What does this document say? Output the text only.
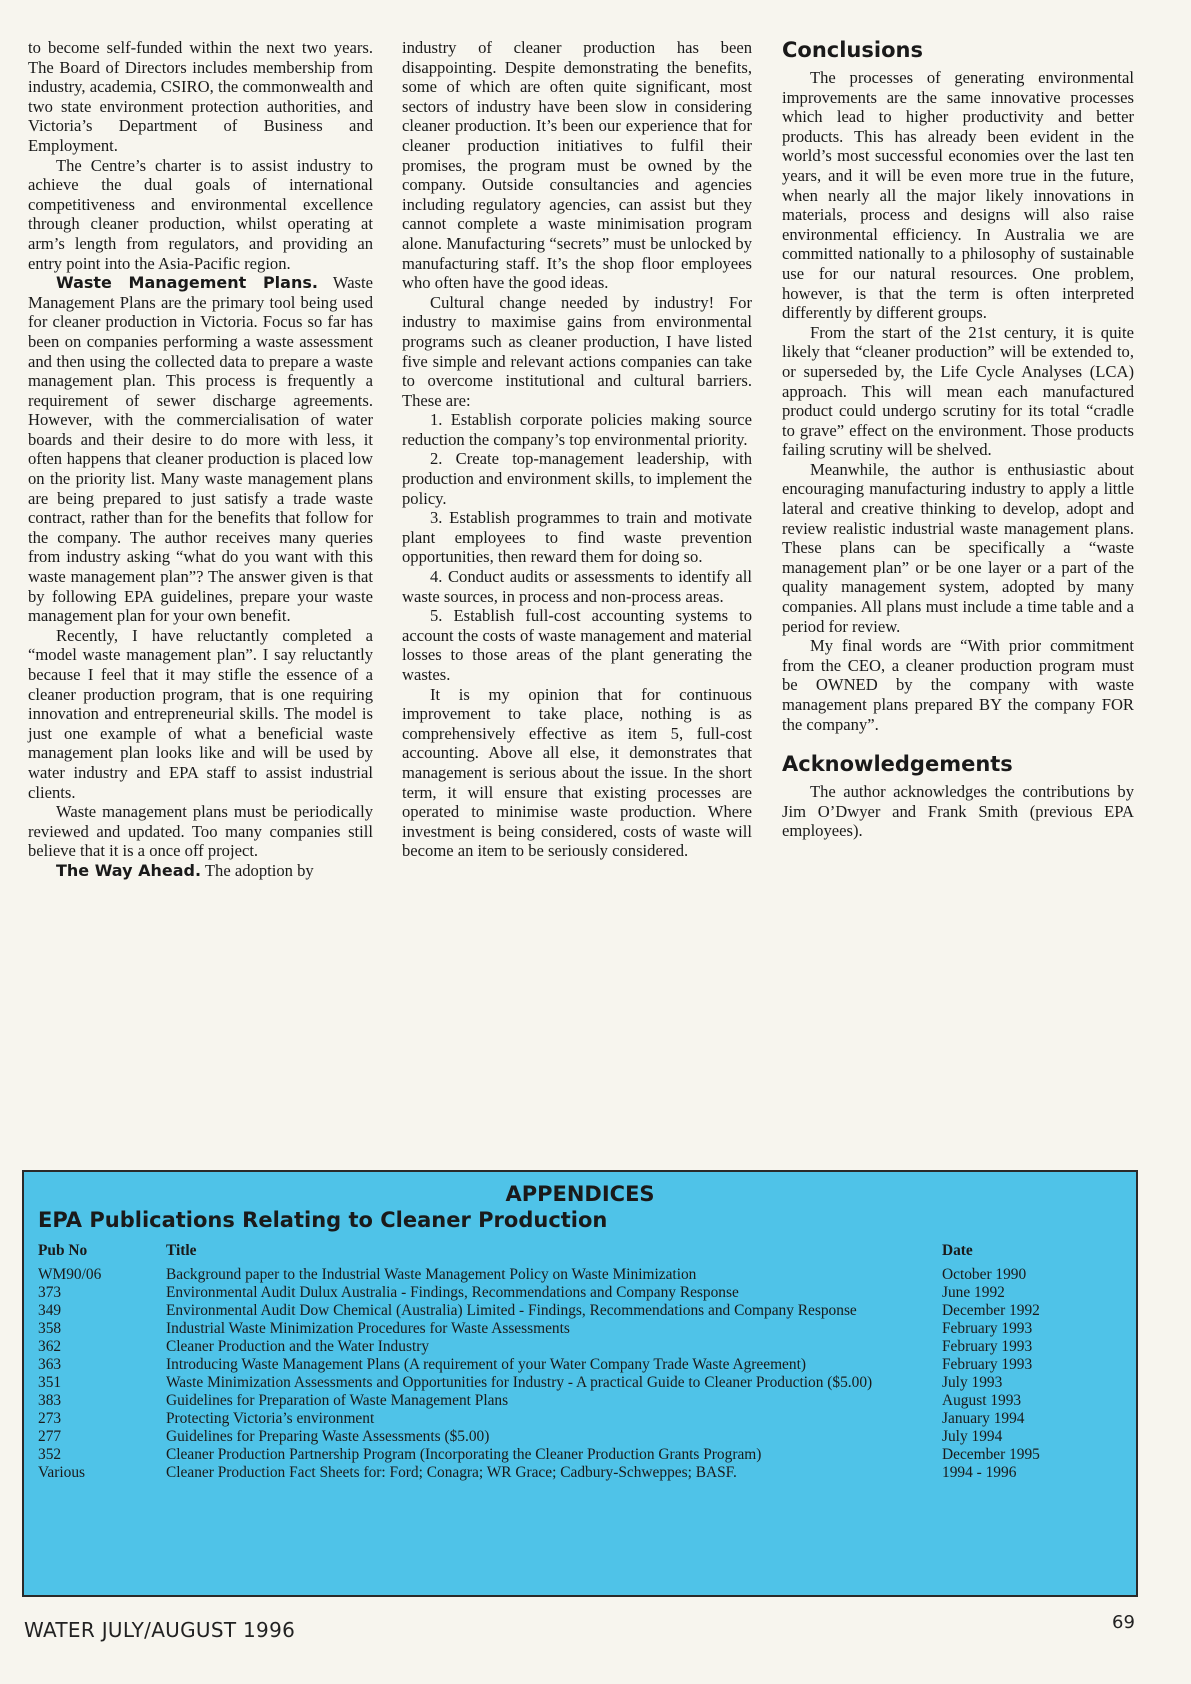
to become self-funded within the next two years. The Board of Directors includes membership from industry, academia, CSIRO, the commonwealth and two state environment protection authorities, and Victoria’s Department of Business and Employment.

The Centre’s charter is to assist industry to achieve the dual goals of international competitiveness and environmental excellence through cleaner production, whilst operating at arm’s length from regulators, and providing an entry point into the Asia-Pacific region.

Waste Management Plans. Waste Management Plans are the primary tool being used for cleaner production in Victoria. Focus so far has been on companies performing a waste assessment and then using the collected data to prepare a waste management plan. This process is frequently a requirement of sewer discharge agreements. However, with the commercialisation of water boards and their desire to do more with less, it often happens that cleaner production is placed low on the priority list. Many waste management plans are being prepared to just satisfy a trade waste contract, rather than for the benefits that follow for the company. The author receives many queries from industry asking “what do you want with this waste management plan”? The answer given is that by following EPA guidelines, prepare your waste management plan for your own benefit.

Recently, I have reluctantly completed a “model waste management plan”. I say reluctantly because I feel that it may stifle the essence of a cleaner production program, that is one requiring innovation and entrepreneurial skills. The model is just one example of what a beneficial waste management plan looks like and will be used by water industry and EPA staff to assist industrial clients.

Waste management plans must be periodically reviewed and updated. Too many companies still believe that it is a once off project.

The Way Ahead. The adoption by

industry of cleaner production has been disappointing. Despite demonstrating the benefits, some of which are often quite significant, most sectors of industry have been slow in considering cleaner production. It’s been our experience that for cleaner production initiatives to fulfil their promises, the program must be owned by the company. Outside consultancies and agencies including regulatory agencies, can assist but they cannot complete a waste minimisation program alone. Manufacturing “secrets” must be unlocked by manufacturing staff. It’s the shop floor employees who often have the good ideas.

Cultural change needed by industry! For industry to maximise gains from environmental programs such as cleaner production, I have listed five simple and relevant actions companies can take to overcome institutional and cultural barriers. These are:

1. Establish corporate policies making source reduction the company’s top environmental priority.

2. Create top-management leadership, with production and environment skills, to implement the policy.

3. Establish programmes to train and motivate plant employees to find waste prevention opportunities, then reward them for doing so.

4. Conduct audits or assessments to identify all waste sources, in process and non-process areas.

5. Establish full-cost accounting systems to account the costs of waste management and material losses to those areas of the plant generating the wastes.

It is my opinion that for continuous improvement to take place, nothing is as comprehensively effective as item 5, full-cost accounting. Above all else, it demonstrates that management is serious about the issue. In the short term, it will ensure that existing processes are operated to minimise waste production. Where investment is being considered, costs of waste will become an item to be seriously considered.

Conclusions

The processes of generating environmental improvements are the same innovative processes which lead to higher productivity and better products. This has already been evident in the world’s most successful economies over the last ten years, and it will be even more true in the future, when nearly all the major likely innovations in materials, process and designs will also raise environmental efficiency. In Australia we are committed nationally to a philosophy of sustainable use for our natural resources. One problem, however, is that the term is often interpreted differently by different groups.

From the start of the 21st century, it is quite likely that “cleaner production” will be extended to, or superseded by, the Life Cycle Analyses (LCA) approach. This will mean each manufactured product could undergo scrutiny for its total “cradle to grave” effect on the environment. Those products failing scrutiny will be shelved.

Meanwhile, the author is enthusiastic about encouraging manufacturing industry to apply a little lateral and creative thinking to develop, adopt and review realistic industrial waste management plans. These plans can be specifically a “waste management plan” or be one layer or a part of the quality management system, adopted by many companies. All plans must include a time table and a period for review.

My final words are “With prior commitment from the CEO, a cleaner production program must be OWNED by the company with waste management plans prepared BY the company FOR the company”.

Acknowledgements

The author acknowledges the contributions by Jim O’Dwyer and Frank Smith (previous EPA employees).

APPENDICES
EPA Publications Relating to Cleaner Production
Pub No	Title	Date
WM90/06	Background paper to the Industrial Waste Management Policy on Waste Minimization	October 1990
373	Environmental Audit Dulux Australia - Findings, Recommendations and Company Response	June 1992
349	Environmental Audit Dow Chemical (Australia) Limited - Findings, Recommendations and Company Response	December 1992
358	Industrial Waste Minimization Procedures for Waste Assessments	February 1993
362	Cleaner Production and the Water Industry	February 1993
363	Introducing Waste Management Plans (A requirement of your Water Company Trade Waste Agreement)	February 1993
351	Waste Minimization Assessments and Opportunities for Industry - A practical Guide to Cleaner Production ($5.00)	July 1993
383	Guidelines for Preparation of Waste Management Plans	August 1993
273	Protecting Victoria’s environment	January 1994
277	Guidelines for Preparing Waste Assessments ($5.00)	July 1994
352	Cleaner Production Partnership Program (Incorporating the Cleaner Production Grants Program)	December 1995
Various	Cleaner Production Fact Sheets for: Ford; Conagra; WR Grace; Cadbury-Schweppes; BASF.	1994 - 1996
WATER JULY/AUGUST 1996	69
